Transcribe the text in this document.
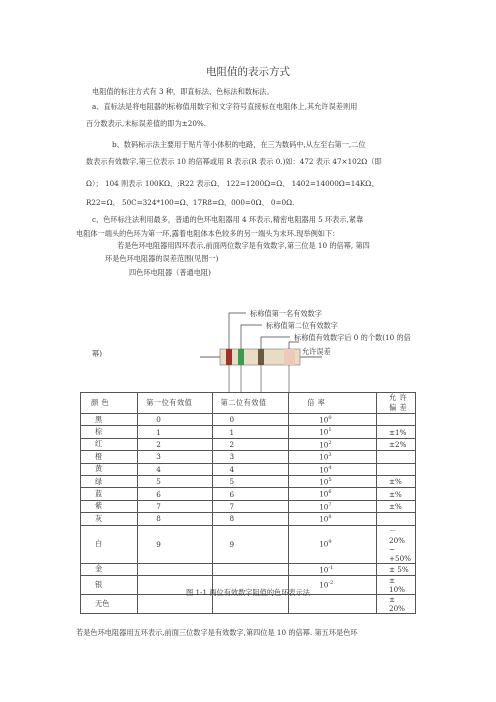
电阻值的表示方式
电阻值的标注方式有 3 种，即直标法、色标法和数标法。
a、直标法是将电阻器的标称值用数字和文字符号直接标在电阻体上,其允许误差则用
百分数表示,未标误差值的即为±20%.
b、数码标示法主要用于贴片等小体积的电路，在三为数码中,从左至右第一,二位
数表示有效数字,第三位表示 10 的倍幂或用 R 表示(R 表示 0.)如：472 表示 47×102Ω（即
Ω）； 104 则表示 100KΩ、;R22 表示Ω、 122=1200Ω=Ω、 1402=14000Ω=14KΩ、
R22=Ω、 50C=324*100=Ω、17R8=Ω、000=0Ω、 0=0Ω.
c、色环标注法利用最多，普通的色环电阻器用 4 环表示,精密电阻器用 5 环表示,紧靠
电阻体一端头的色环为第一环,露着电阻体本色较多的另一端头为末环.现举例如下：
若是色环电阻器用四环表示,前面两位数字是有效数字,第三位是 10 的倍幂, 第四
环是色环电阻器的误差范围(见图一)
四色环电阻器（普通电阻)
标称值第一名有效数字
标称值第二位有效数字
标称值有效数字后 0 的个数(10 的倍
幂)	允许误差
颜 色	第一位有效值	第二位有效值	倍 率	允 许 偏 差
黑	0	0	$10^0$	
棕	1	1	$10^1$	±1%
红	2	2	$10^2$	±2%
橙	3	3	$10^3$	
黄	4	4	$10^4$	
绿	5	5	$10^5$	±%
蓝	6	6	$10^6$	±%
紫	7	7	$10^7$	±%
灰	8	8	$10^8$	
白	9	9	$10^9$	－20% ~ +50%
金			$10^{-1}$	± 5%
银			$10^{-2}$	± 10%
无色				± 20%
图 1-1 两位有效数字阻值的色环表示法
若是色环电阻器用五环表示,前面三位数字是有效数字,第四位是 10 的倍幂. 第五环是色环
